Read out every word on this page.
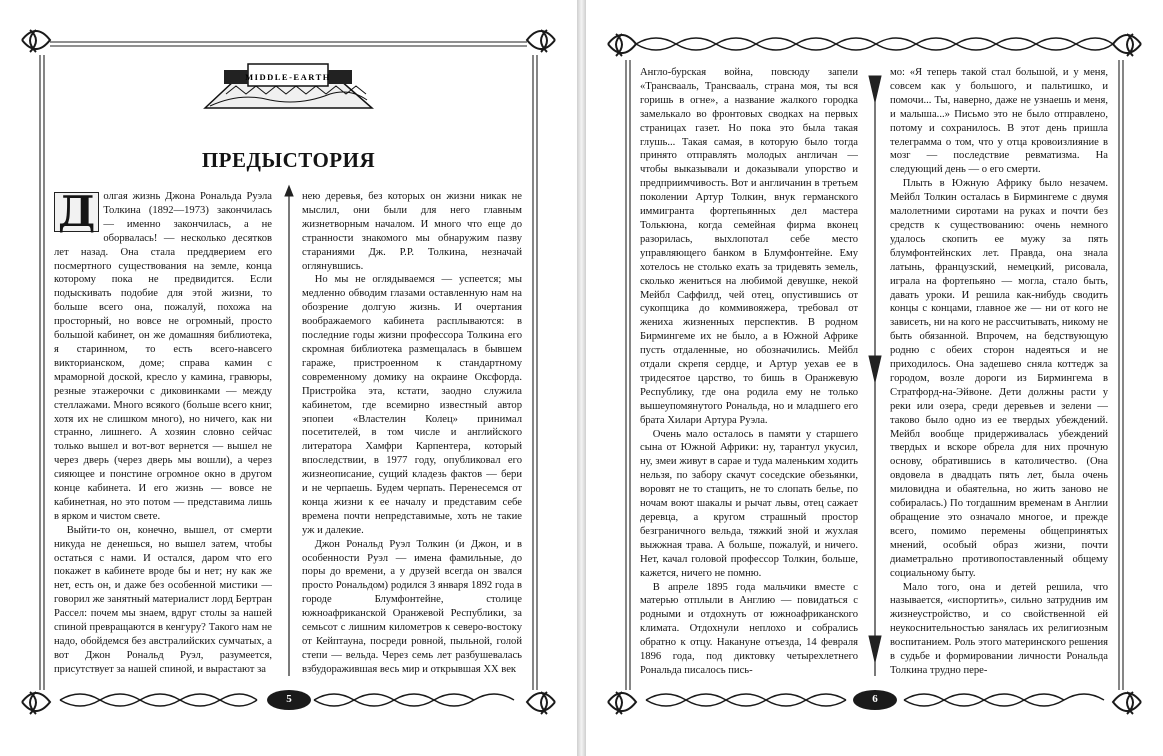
MIDDLE-EARTH
ПРЕДЫСТОРИЯ

Д олгая жизнь Джона Рональда Руэла Толкина (1892—1973) закончилась — именно закончилась, а не оборвалась! — несколько десятков лет назад. Она стала преддверием его посмертного существования на земле, конца которому пока не предвидится. Если подыскивать подобие для этой жизни, то больше всего она, пожалуй, похожа на просторный, но вовсе не огромный, просто большой кабинет, он же домашняя библиотека, я старинном, то есть всего-навсего викторианском, доме; справа камин с мраморной доской, кресло у камина, гравюры, резные этажерочки с диковинками — между стеллажами. Много всякого (больше всего книг, хотя их не слишком много), но ничего, как ни странно, лишнего. А хозяин словно сейчас только вышел и вот-вот вернется — вышел не через дверь (через дверь мы вошли), а через сияющее и понстине огромное окно в другом конце кабинета. И его жизнь — вовсе не кабинетная, но это потом — представима лишь в ярком и чистом свете.

Выйти-то он, конечно, вышел, от смерти никуда не денешься, но вышел затем, чтобы остаться с нами. И остался, даром что его покажет в кабинете вроде бы и нет; ну как же нет, есть он, и даже без особенной мистики — говорил же занятный материалист лорд Бертран Рассел: почем мы знаем, вдруг столы за нашей спиной превращаются в кенгуру? Такого нам не надо, обойдемся без австралийских сумчатых, а вот Джон Рональд Руэл, разумеется, присутствует за нашей спиной, и вырастают за

нею деревья, без которых он жизни никак не мыслил, они были для него главным жизнетворным началом. И много что еще до странности знакомого мы обнаружим пазву стараниями Дж. Р.Р. Толкина, незначай оглянувшись.

Но мы не оглядываемся — успеется; мы медленно обводим глазами оставленную нам на обозрение долгую жизнь. И очертания воображаемого кабинета расплываются: в последние годы жизни профессора Толкина его скромная библиотека размещалась в бывшем гараже, пристроенном к стандартному современному домику на окраине Оксфорда. Пристройка эта, кстати, заодно служила кабинетом, где всемирно известный автор эпопеи «Властелин Колец» принимал посетителей, в том числе и английского литератора Хамфри Карпентера, который впоследствии, в 1977 году, опубликовал его жизнеописание, сущий кладезь фактов — бери и не черпаешь. Будем черпать. Перенесемся от конца жизни к ее началу и представим себе времена почти непредставимые, хоть не такие уж и далекие.

Джон Рональд Руэл Толкин (и Джон, и в особенности Руэл — имена фамильные, до поры до времени, а у друзей всегда он звался просто Рональдом) родился 3 января 1892 года в городе Блумфонтейне, столице южноафриканской Оранжевой Республики, за семьсот с лишним километров к северо-востоку от Кейптауна, посреди ровной, пыльной, голой степи — вельда. Через семь лет разбушевалась взбудоражившая весь мир и открывшая XX век

5

Англо-бурская война, повсюду запели «Трансвааль, Трансвааль, страна моя, ты вся горишь в огне», а название жалкого городка замелькало во фронтовых сводках на первых страницах газет. Но пока это была такая глушь... Такая самая, в которую было тогда принято отправлять молодых англичан — чтобы выказывали и доказывали упорство и предприимчивость. Вот и англичанин в третьем поколении Артур Толкин, внук германского иммигранта фортепьянных дел мастера Толькюна, когда семейная фирма вконец разорилась, выхлопотал себе место управляющего банком в Блумфонтейне. Ему хотелось не столько ехать за тридевять земель, сколько жениться на любимой девушке, некой Мейбл Саффилд, чей отец, опустившись от сукопщика до коммивояжера, требовал от жениха жизненных перспектив. В родном Бирмингеме их не было, а в Южной Африке пусть отдаленные, но обозначились. Мейбл отдали скрепя сердце, и Артур уехав ее в тридесятое царство, то бишь в Оранжевую Республику, где она родила ему не только вышеупомянутого Рональда, но и младшего его брата Хилари Артура Руэла.

Очень мало осталось в памяти у старшего сына от Южной Африки: ну, тарантул укусил, ну, змеи живут в сарае и туда маленьким ходить нельзя, по забору скачут соседские обезьянки, воровят не то стащить, не то слопать белье, по ночам воют шакалы и рычат львы, отец сажает деревца, а кругом страшный простор безграничного вельда, тяжкий зной и жухлая выжжная трава. А больше, пожалуй, и ничего. Нет, качал головой профессор Толкин, больше, кажется, ничего не помню.

В апреле 1895 года мальчики вместе с матерью отплыли в Англию — повидаться с родными и отдохнуть от южноафриканского климата. Отдохнули неплохо и собрались обратно к отцу. Накануне отъезда, 14 февраля 1896 года, под диктовку четырехлетнего Рональда писалось пись-

мо: «Я теперь такой стал большой, и у меня, совсем как у большого, и пальтишко, и помочи... Ты, наверно, даже не узнаешь и меня, и малыша...» Письмо это не было отправлено, потому и сохранилось. В этот день пришла телеграмма о том, что у отца кровоизлияние в мозг — последствие ревматизма. На следующий день — о его смерти.

Плыть в Южную Африку было незачем. Мейбл Толкин осталась в Бирмингеме с двумя малолетними сиротами на руках и почти без средств к существованию: очень немного удалось скопить ее мужу за пять блумфонтейнских лет. Правда, она знала латынь, французский, немецкий, рисовала, играла на фортепьяно — могла, стало быть, давать уроки. И решила как-нибудь сводить концы с концами, главное же — ни от кого не зависеть, ни на кого не рассчитывать, никому не быть обязанной. Впрочем, на бедствующую родню с обеих сторон надеяться и не приходилось. Она задешево сняла коттедж за городом, возле дороги из Бирмингема в Стратфорд-на-Эйвоне. Дети должны расти у реки или озера, среди деревьев и зелени — таково было одно из ее твердых убеждений. Мейбл вообще придерживалась убеждений твердых и вскоре обрела для них прочную основу, обратившись в католичество. (Она овдовела в двадцать пять лет, была очень миловидна и обаятельна, но жить заново не собиралась.) По тогдашним временам в Англии обращение это означало многое, и прежде всего, помимо перемены общепринятых мнений, особый образ жизни, почти диаметрально противопоставленный общему социальному быту.

Мало того, она и детей решила, что называется, «испортить», сильно затруднив им жизнеустройство, и со свойственной ей неукоснительностью занялась их религиозным воспитанием. Роль этого материнского решения в судьбе и формировании личности Рональда Толкина трудно пере-

6
